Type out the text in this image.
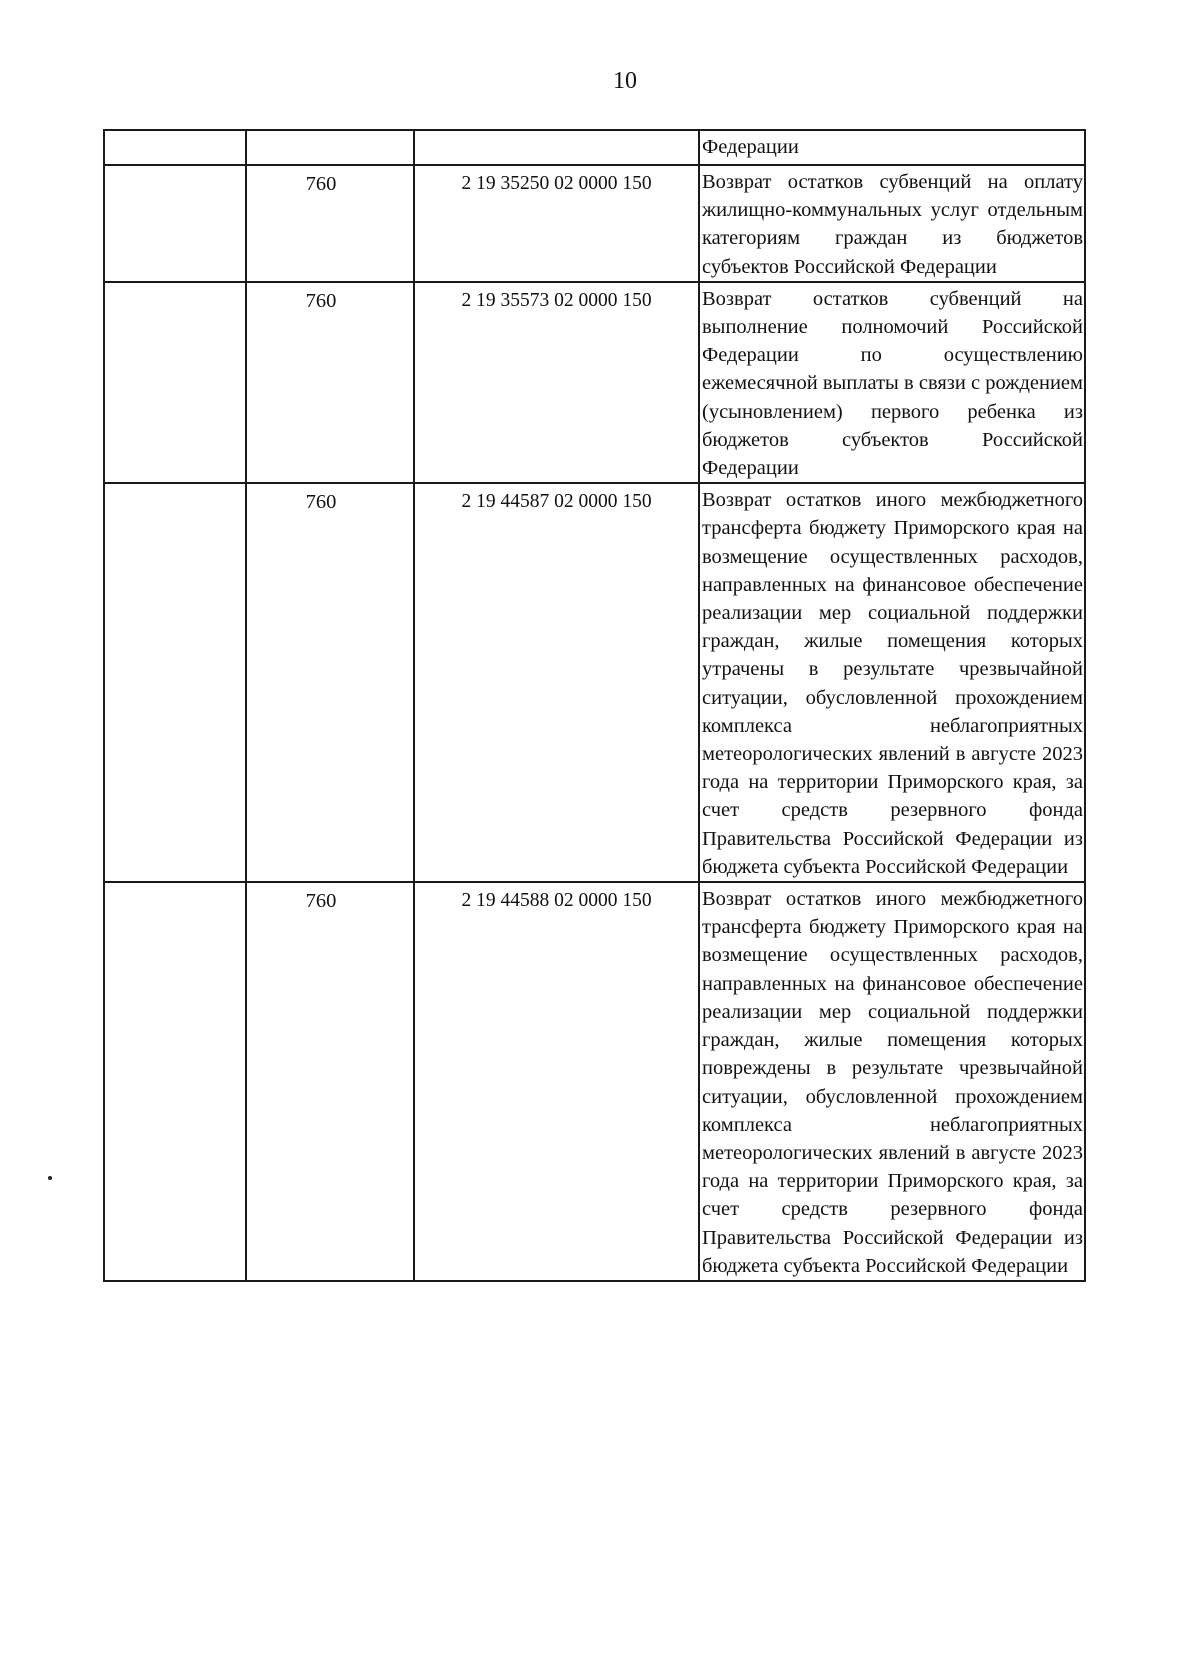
10
			Федерации
	760	2 19 35250 02 0000 150	Возврат остатков субвенций на оплату жилищно-коммунальных услуг отдельным категориям граждан из бюджетов субъектов Российской Федерации
	760	2 19 35573 02 0000 150	Возврат остатков субвенций на выполнение полномочий Российской Федерации по осуществлению ежемесячной выплаты в связи с рождением (усыновлением) первого ребенка из бюджетов субъектов Российской Федерации
	760	2 19 44587 02 0000 150	Возврат остатков иного межбюджетного трансферта бюджету Приморского края на возмещение осуществленных расходов, направленных на финансовое обеспечение реализации мер социальной поддержки граждан, жилые помещения которых утрачены в результате чрезвычайной ситуации, обусловленной прохождением комплекса неблагоприятных метеорологических явлений в августе 2023 года на территории Приморского края, за счет средств резервного фонда Правительства Российской Федерации из бюджета субъекта Российской Федерации
	760	2 19 44588 02 0000 150	Возврат остатков иного межбюджетного трансферта бюджету Приморского края на возмещение осуществленных расходов, направленных на финансовое обеспечение реализации мер социальной поддержки граждан, жилые помещения которых повреждены в результате чрезвычайной ситуации, обусловленной прохождением комплекса неблагоприятных метеорологических явлений в августе 2023 года на территории Приморского края, за счет средств резервного фонда Правительства Российской Федерации из бюджета субъекта Российской Федерации
